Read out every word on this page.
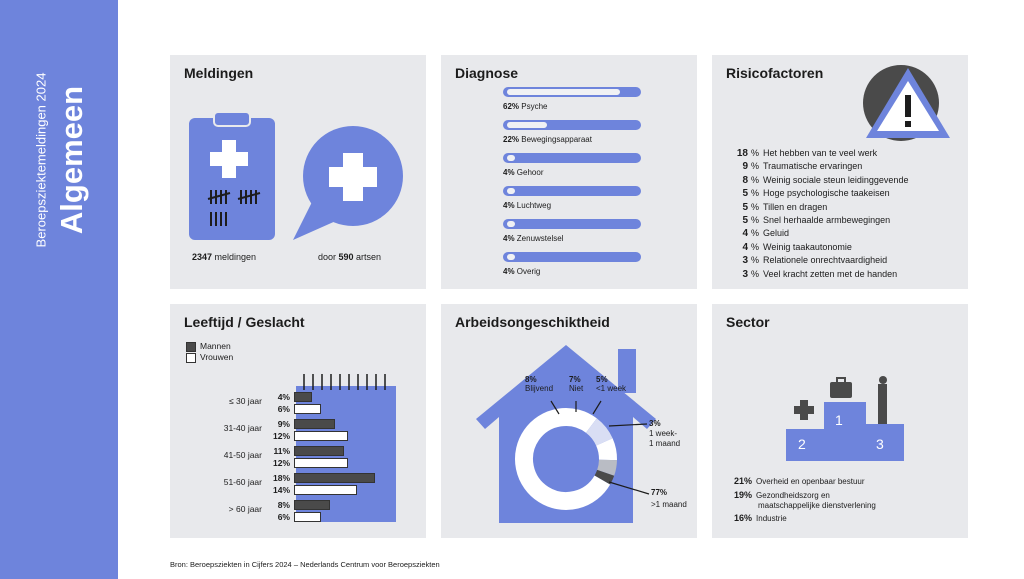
Beroepsziektemeldingen 2024 Algemeen
Meldingen
2347 meldingen	door 590 artsen
Diagnose
62% Psyche
22% Bewegingsapparaat
4% Gehoor
4% Luchtweg
4% Zenuwstelsel
4% Overig
Risicofactoren
18 % Het hebben van te veel werk
9 % Traumatische ervaringen
8 % Weinig sociale steun leidinggevende
5 % Hoge psychologische taakeisen
5 % Tillen en dragen
5 % Snel herhaalde armbewegingen
4 % Geluid
4 % Weinig taakautonomie
3 % Relationele onrechtvaardigheid
3 % Veel kracht zetten met de handen
Leeftijd / Geslacht
Mannen
Vrouwen
≤ 30 jaar	4%
6%
31-40 jaar	9%
12%
41-50 jaar	11%
12%
51-60 jaar	18%
14%
> 60 jaar	8%
6%
Arbeidsongeschiktheid
8%
Blijvend
7%
Niet
5%
<1 week
3%
1 week-
1 maand
77%
>1 maand
Sector
1
2	3
21% Overheid en openbaar bestuur
19% Gezondheidszorg en
maatschappelijke dienstverlening
16% Industrie
Bron: Beroepsziekten in Cijfers 2024 – Nederlands Centrum voor Beroepsziekten
